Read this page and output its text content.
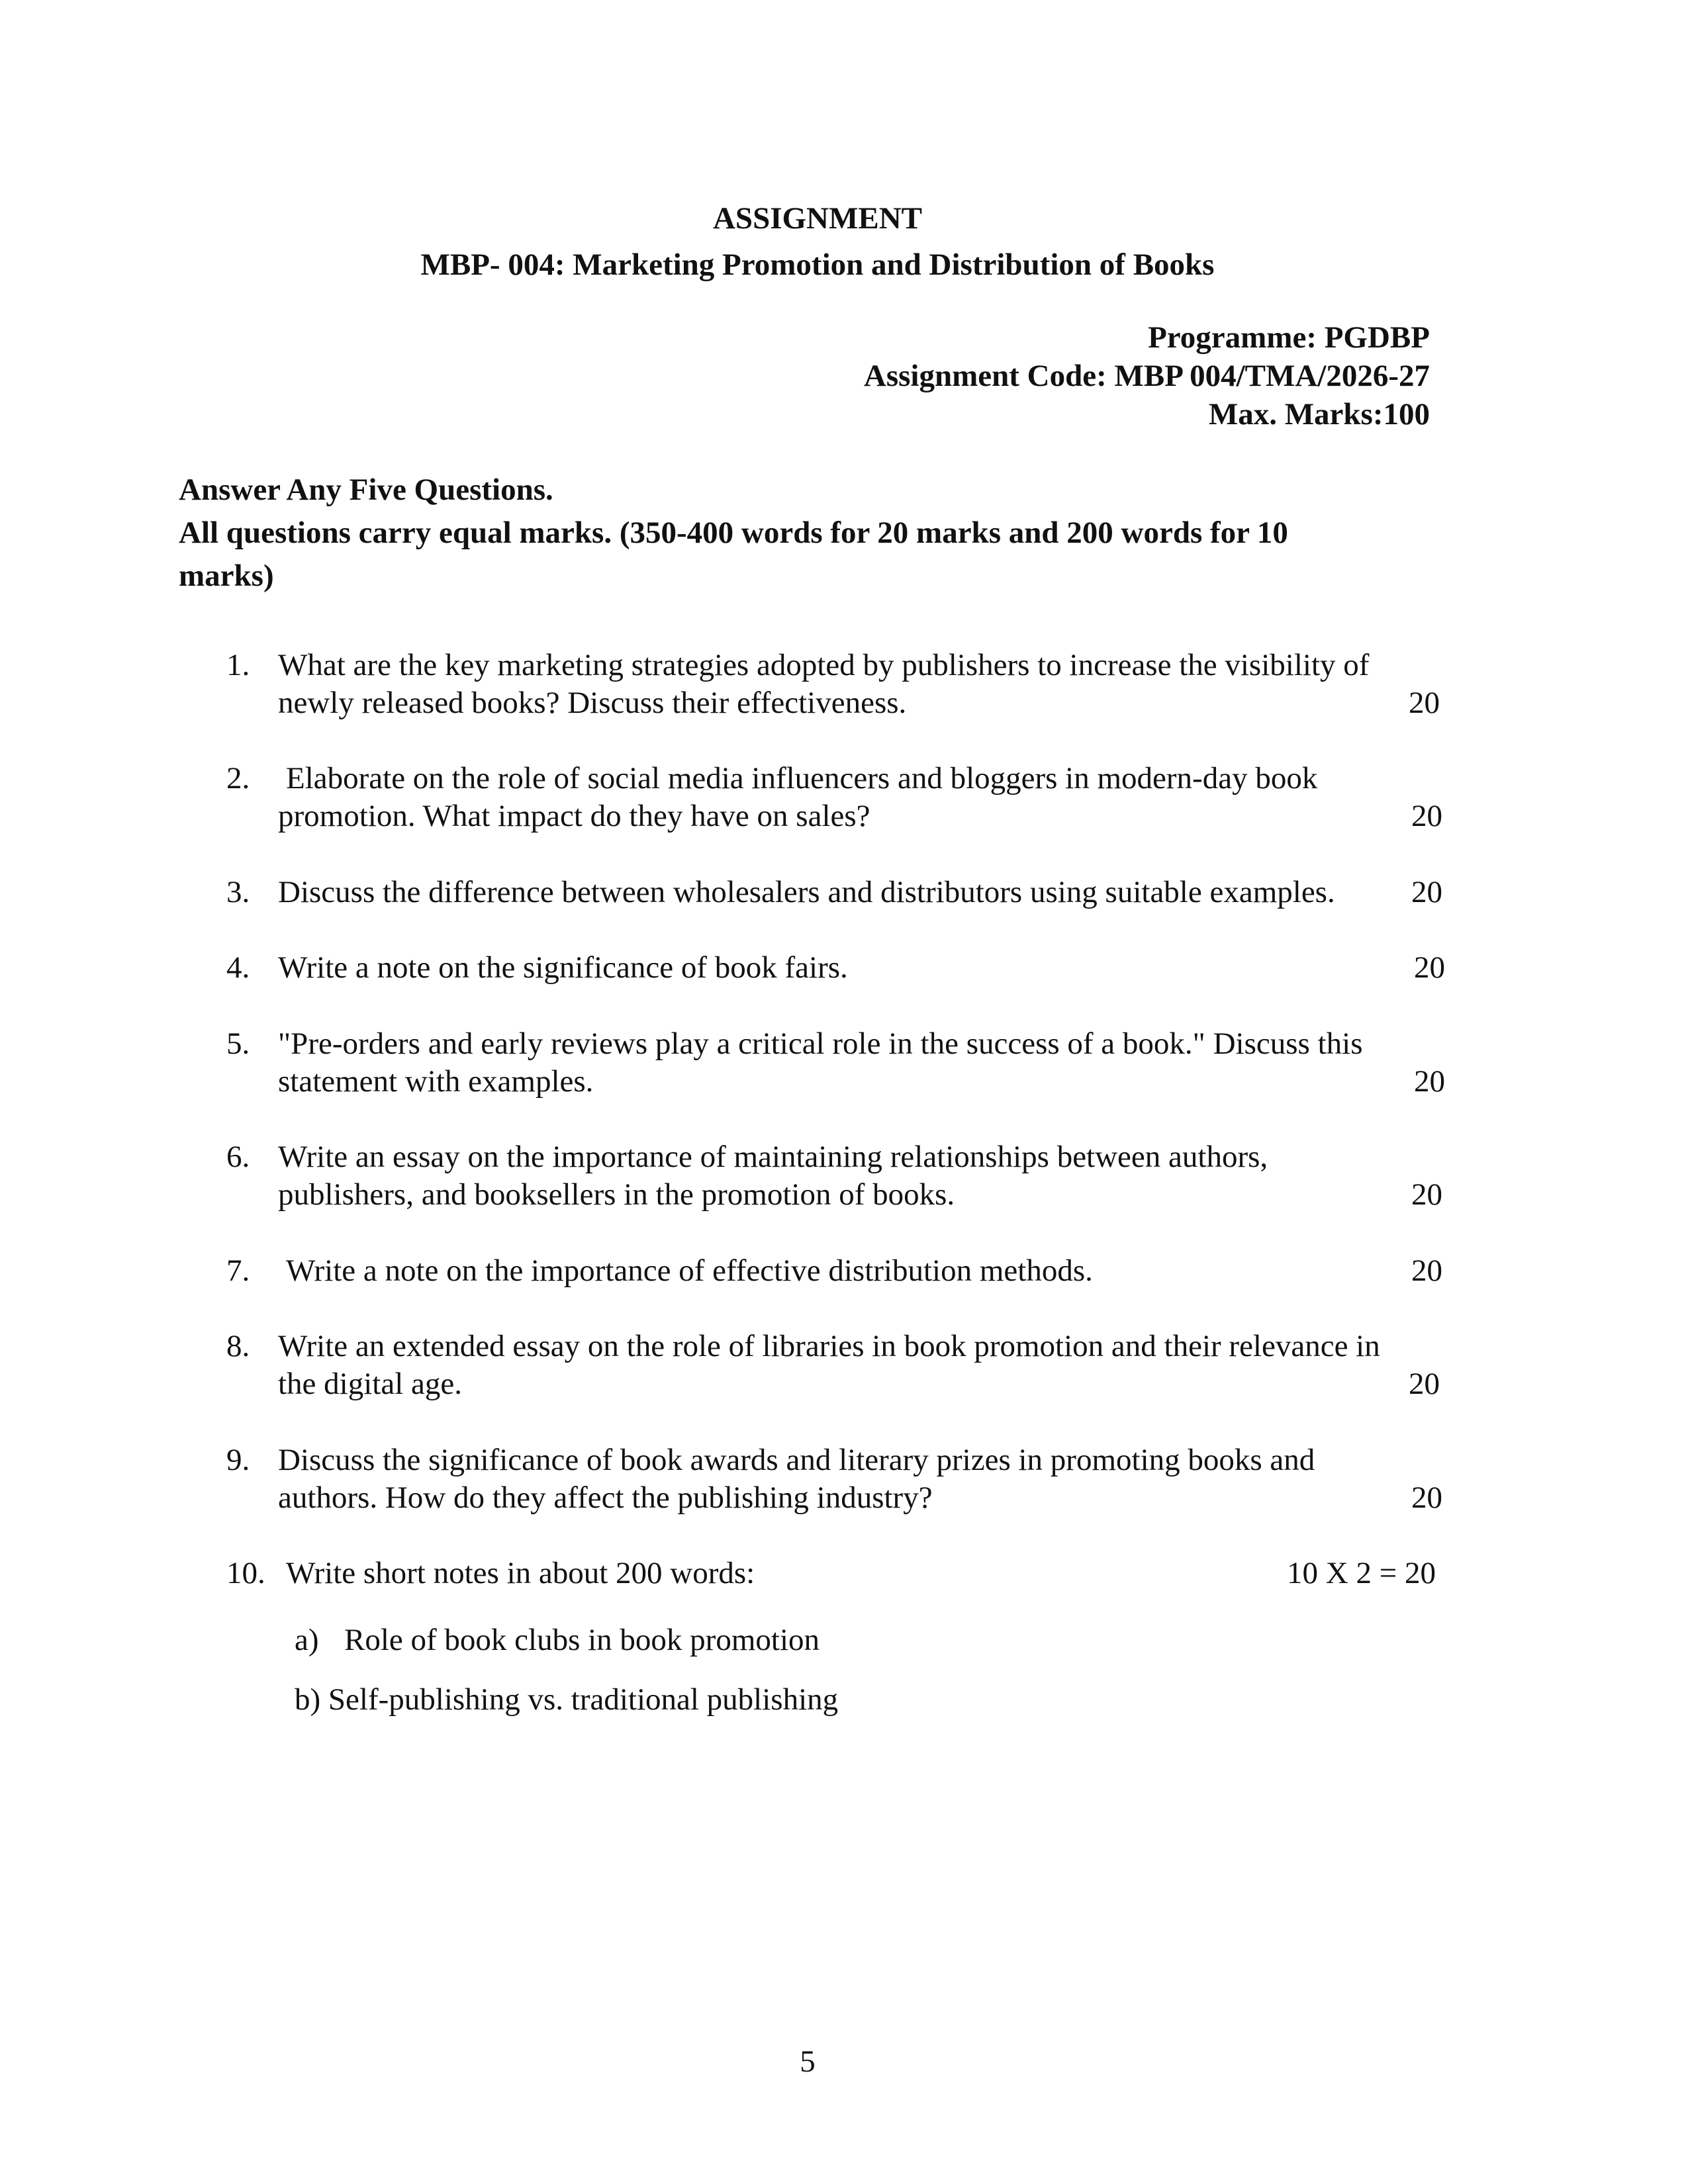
ASSIGNMENT
MBP- 004: Marketing Promotion and Distribution of Books
Programme: PGDBP
Assignment Code: MBP 004/TMA/2026-27
Max. Marks:100
Answer Any Five Questions.
All questions carry equal marks. (350-400 words for 20 marks and 200 words for 10
marks)
1. What are the key marketing strategies adopted by publishers to increase the visibility of
newly released books? Discuss their effectiveness.	20
2. Elaborate on the role of social media influencers and bloggers in modern-day book
promotion. What impact do they have on sales?	20
3. Discuss the difference between wholesalers and distributors using suitable examples. 20
4. Write a note on the significance of book fairs.	20
5. "Pre-orders and early reviews play a critical role in the success of a book." Discuss this
statement with examples.	20
6. Write an essay on the importance of maintaining relationships between authors,
publishers, and booksellers in the promotion of books.	20
7. Write a note on the importance of effective distribution methods.	20
8. Write an extended essay on the role of libraries in book promotion and their relevance in
the digital age.	20
9. Discuss the significance of book awards and literary prizes in promoting books and
authors. How do they affect the publishing industry?	20
10. Write short notes in about 200 words:	10 X 2 = 20
a) Role of book clubs in book promotion
b) Self-publishing vs. traditional publishing
5
